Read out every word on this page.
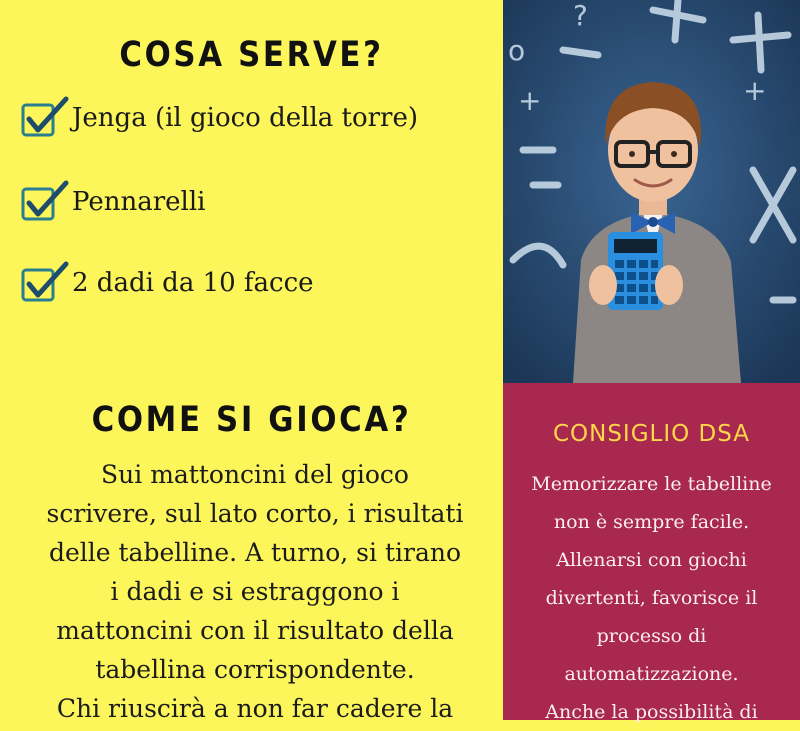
COSA SERVE?
Jenga (il gioco della torre)
Pennarelli
2 dadi da 10 facce
COME SI GIOCA?
Sui mattoncini del gioco
scrivere, sul lato corto, i risultati
delle tabelline. A turno, si tirano
i dadi e si estraggono i
mattoncini con il risultato della
tabellina corrispondente.
Chi riuscirà a non far cadere la
?
+	+
o
CONSIGLIO DSA
Memorizzare le tabelline
non è sempre facile.
Allenarsi con giochi
divertenti, favorisce il
processo di
automatizzazione.
Anche la possibilità di
